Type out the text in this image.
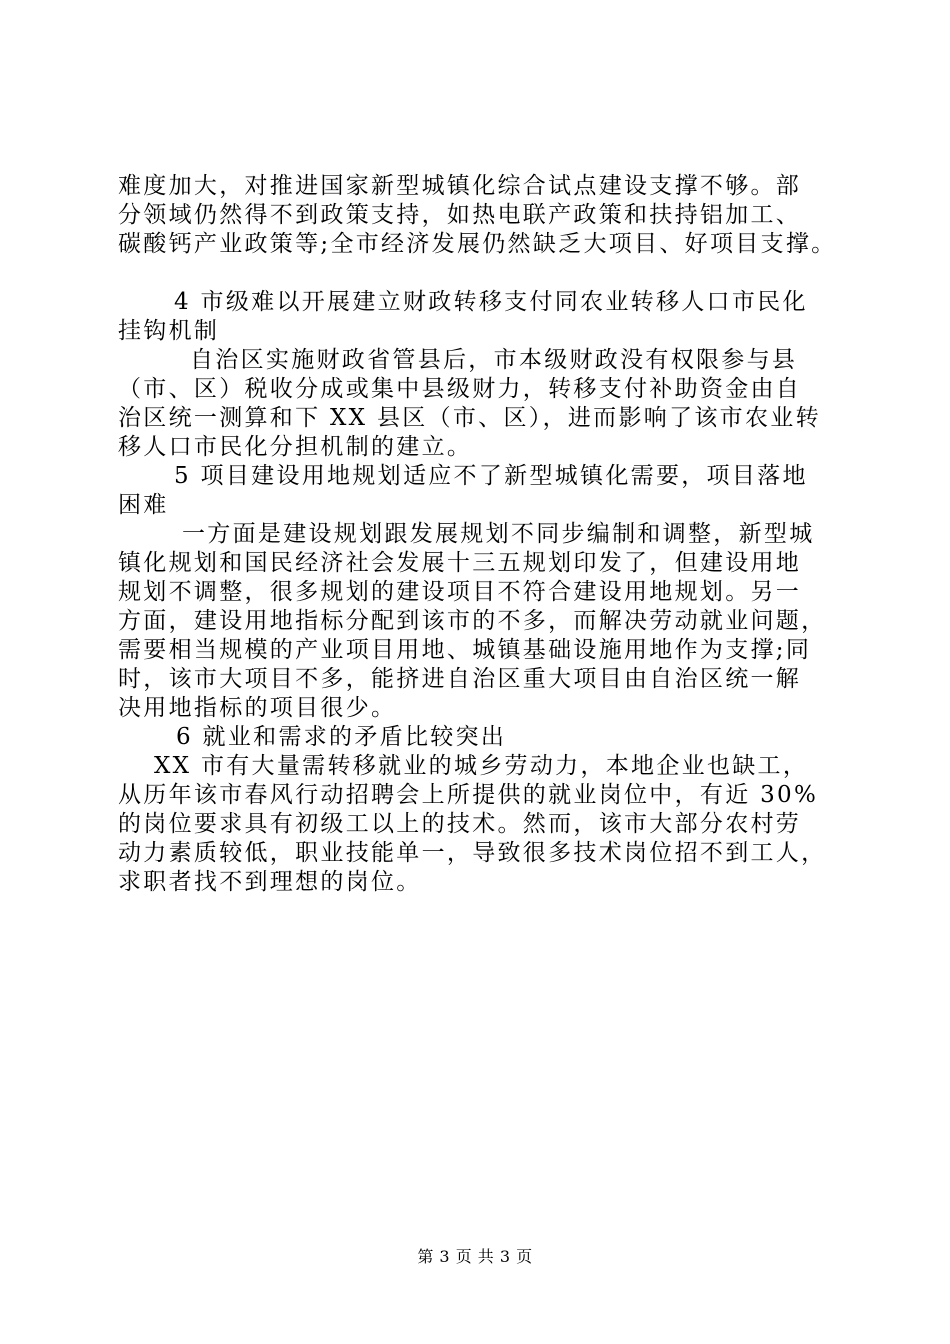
难度加大，对推进国家新型城镇化综合试点建设支撑不够。部
分领域仍然得不到政策支持，如热电联产政策和扶持铝加工、
碳酸钙产业政策等;全市经济发展仍然缺乏大项目、好项目支撑。
4 市级难以开展建立财政转移支付同农业转移人口市民化
挂钩机制
自治区实施财政省管县后，市本级财政没有权限参与县
（市、区）税收分成或集中县级财力，转移支付补助资金由自
治区统一测算和下 XX 县区（市、区），进而影响了该市农业转
移人口市民化分担机制的建立。
5 项目建设用地规划适应不了新型城镇化需要，项目落地
困难
一方面是建设规划跟发展规划不同步编制和调整，新型城
镇化规划和国民经济社会发展十三五规划印发了，但建设用地
规划不调整，很多规划的建设项目不符合建设用地规划。另一
方面，建设用地指标分配到该市的不多，而解决劳动就业问题，
需要相当规模的产业项目用地、城镇基础设施用地作为支撑;同
时，该市大项目不多，能挤进自治区重大项目由自治区统一解
决用地指标的项目很少。
6 就业和需求的矛盾比较突出
XX 市有大量需转移就业的城乡劳动力，本地企业也缺工，
从历年该市春风行动招聘会上所提供的就业岗位中，有近 30%
的岗位要求具有初级工以上的技术。然而，该市大部分农村劳
动力素质较低，职业技能单一，导致很多技术岗位招不到工人，
求职者找不到理想的岗位。
第 3 页 共 3 页
